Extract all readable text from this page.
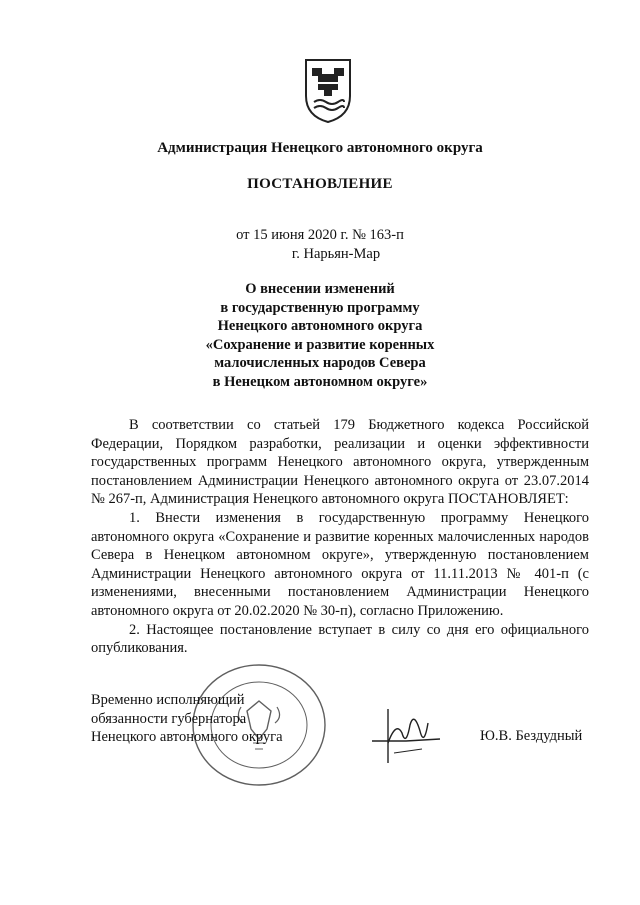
Администрация Ненецкого автономного округа
ПОСТАНОВЛЕНИЕ
от 15 июня 2020 г. № 163-п
г. Нарьян-Мар
О внесении изменений
в государственную программу
Ненецкого автономного округа
«Сохранение и развитие коренных
малочисленных народов Севера
в Ненецком автономном округе»

В соответствии со статьей 179 Бюджетного кодекса Российской Федерации, Порядком разработки, реализации и оценки эффективности государственных программ Ненецкого автономного округа, утвержденным постановлением Администрации Ненецкого автономного округа от 23.07.2014 № 267-п, Администрация Ненецкого автономного округа ПОСТАНОВЛЯЕТ:

1. Внести изменения в государственную программу Ненецкого автономного округа «Сохранение и развитие коренных малочисленных народов Севера в Ненецком автономном округе», утвержденную постановлением Администрации Ненецкого автономного округа от 11.11.2013 № 401-п (с изменениями, внесенными постановлением Администрации Ненецкого автономного округа от 20.02.2020 № 30-п), согласно Приложению.

2. Настоящее постановление вступает в силу со дня его официального опубликования.

Временно исполняющий
обязанности губернатора
Ненецкого автономного округа	Ю.В. Бездудный
